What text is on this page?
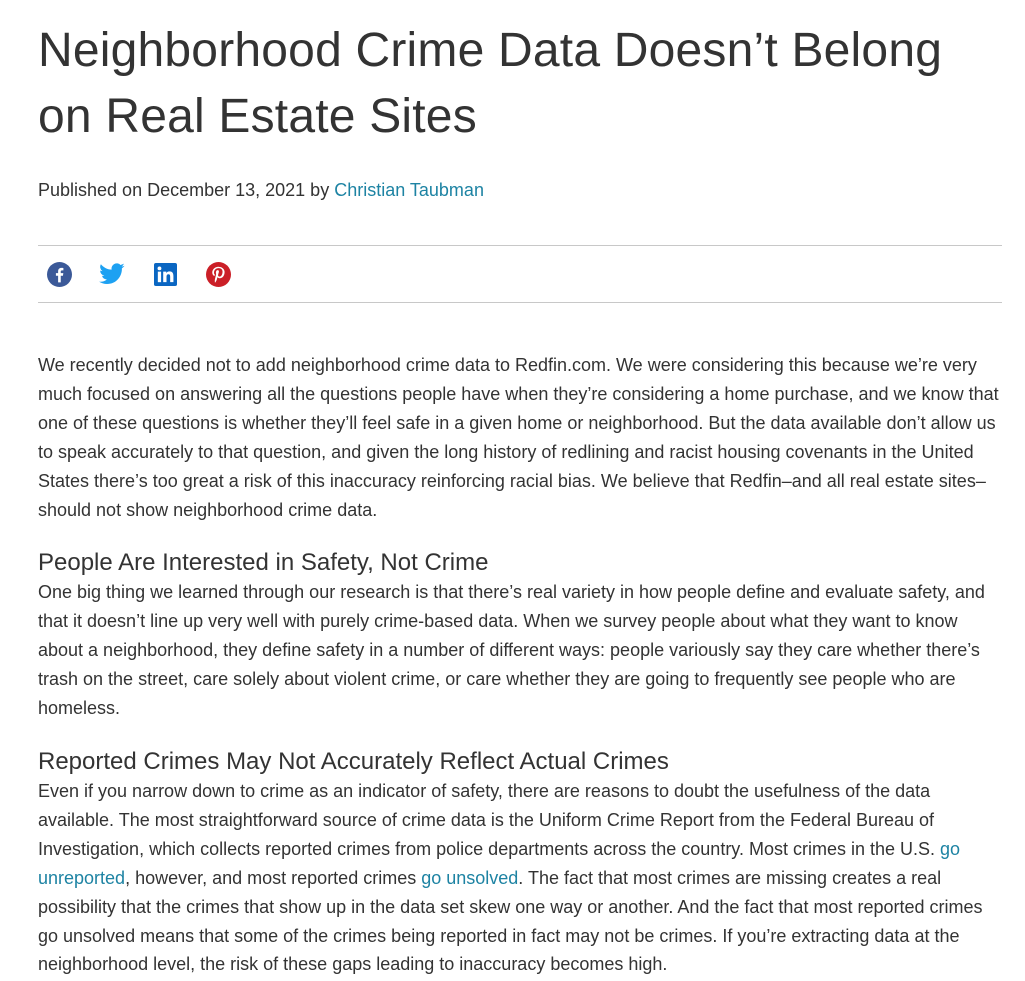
Neighborhood Crime Data Doesn’t Belong on Real Estate Sites
Published on December 13, 2021 by Christian Taubman

We recently decided not to add neighborhood crime data to Redfin.com. We were considering this because we’re very much focused on answering all the questions people have when they’re considering a home purchase, and we know that one of these questions is whether they’ll feel safe in a given home or neighborhood. But the data available don’t allow us to speak accurately to that question, and given the long history of redlining and racist housing covenants in the United States there’s too great a risk of this inaccuracy reinforcing racial bias. We believe that Redfin–and all real estate sites–should not show neighborhood crime data.

People Are Interested in Safety, Not Crime

One big thing we learned through our research is that there’s real variety in how people define and evaluate safety, and that it doesn’t line up very well with purely crime-based data. When we survey people about what they want to know about a neighborhood, they define safety in a number of different ways: people variously say they care whether there’s trash on the street, care solely about violent crime, or care whether they are going to frequently see people who are homeless.

Reported Crimes May Not Accurately Reflect Actual Crimes

Even if you narrow down to crime as an indicator of safety, there are reasons to doubt the usefulness of the data available. The most straightforward source of crime data is the Uniform Crime Report from the Federal Bureau of Investigation, which collects reported crimes from police departments across the country. Most crimes in the U.S. go unreported, however, and most reported crimes go unsolved. The fact that most crimes are missing creates a real possibility that the crimes that show up in the data set skew one way or another. And the fact that most reported crimes go unsolved means that some of the crimes being reported in fact may not be crimes. If you’re extracting data at the neighborhood level, the risk of these gaps leading to inaccuracy becomes high.
